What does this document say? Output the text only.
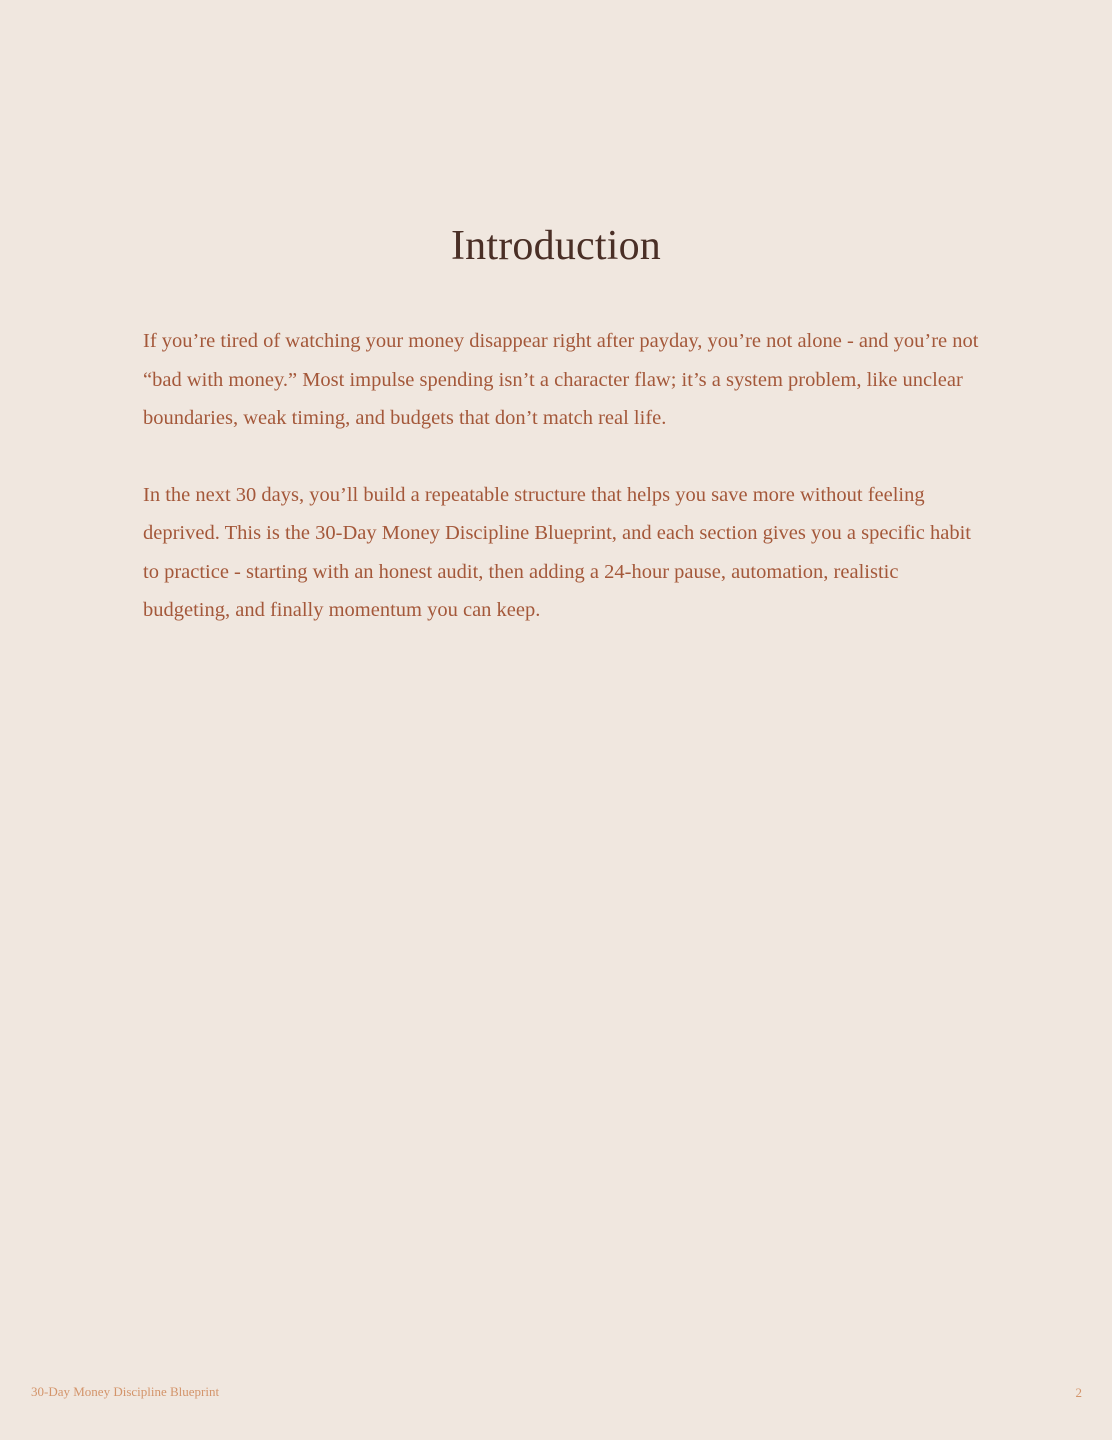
Introduction

If you’re tired of watching your money disappear right after payday, you’re not alone - and you’re not “bad with money.” Most impulse spending isn’t a character flaw; it’s a system problem, like unclear boundaries, weak timing, and budgets that don’t match real life.

In the next 30 days, you’ll build a repeatable structure that helps you save more without feeling deprived. This is the 30-Day Money Discipline Blueprint, and each section gives you a specific habit to practice - starting with an honest audit, then adding a 24-hour pause, automation, realistic budgeting, and finally momentum you can keep.

30-Day Money Discipline Blueprint	2
